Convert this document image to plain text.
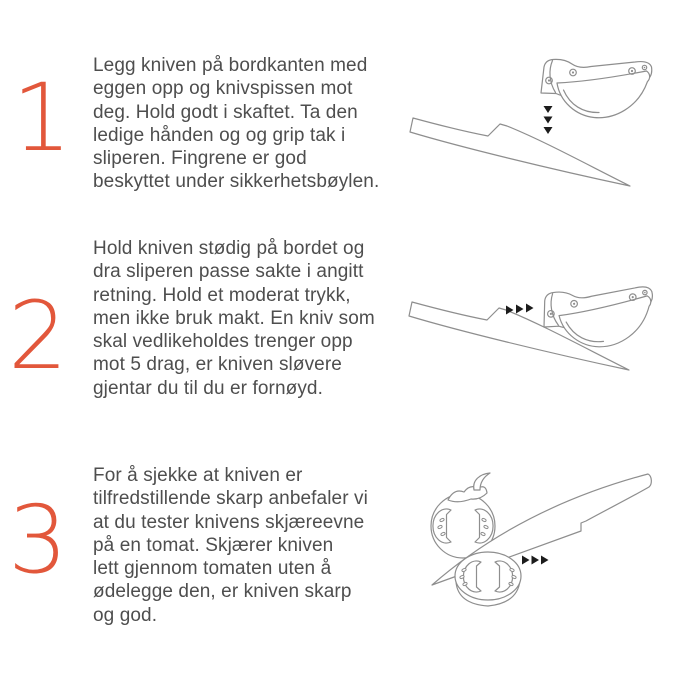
1	Legg kniven på bordkanten med
eggen opp og knivspissen mot
deg. Hold godt i skaftet. Ta den
ledige hånden og og grip tak i
sliperen. Fingrene er god
beskyttet under sikkerhetsbøylen.
2
Hold kniven stødig på bordet og
dra sliperen passe sakte i angitt
retning. Hold et moderat trykk,
men ikke bruk makt. En kniv som
skal vedlikeholdes trenger opp
mot 5 drag, er kniven sløvere
gjentar du til du er fornøyd.
3
For å sjekke at kniven er
tilfredstillende skarp anbefaler vi
at du tester knivens skjæreevne
på en tomat. Skjærer kniven
lett gjennom tomaten uten å
ødelegge den, er kniven skarp
og god.
